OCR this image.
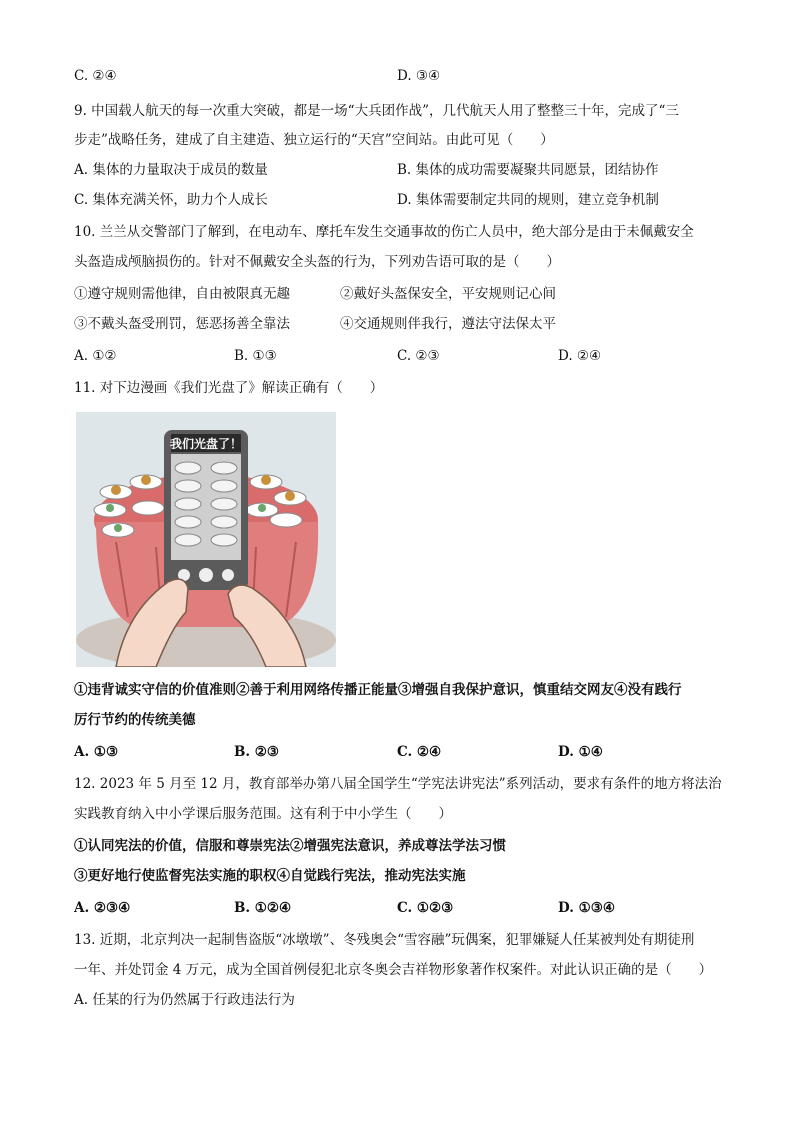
C. ②④	D. ③④
9. 中国载人航天的每一次重大突破，都是一场“大兵团作战”，几代航天人用了整整三十年，完成了“三
步走”战略任务，建成了自主建造、独立运行的“天宫”空间站。由此可见（　　）
A. 集体的力量取决于成员的数量	B. 集体的成功需要凝聚共同愿景，团结协作
C. 集体充满关怀，助力个人成长	D. 集体需要制定共同的规则，建立竞争机制
10. 兰兰从交警部门了解到，在电动车、摩托车发生交通事故的伤亡人员中，绝大部分是由于未佩戴安全
头盔造成颅脑损伤的。针对不佩戴安全头盔的行为，下列劝告语可取的是（　　）
①遵守规则需他律，自由被限真无趣	②戴好头盔保安全，平安规则记心间
③不戴头盔受刑罚，惩恶扬善全靠法	④交通规则伴我行，遵法守法保太平
A. ①②	B. ①③	C. ②③	D. ②④
11. 对下边漫画《我们光盘了》解读正确有（　　）
我们光盘了！
①违背诚实守信的价值准则②善于利用网络传播正能量③增强自我保护意识，慎重结交网友④没有践行
厉行节约的传统美德
A. ①③	B. ②③	C. ②④	D. ①④
12. 2023 年 5 月至 12 月，教育部举办第八届全国学生“学宪法讲宪法”系列活动，要求有条件的地方将法治
实践教育纳入中小学课后服务范围。这有利于中小学生（　　）
①认同宪法的价值，信服和尊崇宪法②增强宪法意识，养成尊法学法习惯
③更好地行使监督宪法实施的职权④自觉践行宪法，推动宪法实施
A. ②③④	B. ①②④	C. ①②③	D. ①③④
13. 近期，北京判决一起制售盗版“冰墩墩”、冬残奥会“雪容融”玩偶案，犯罪嫌疑人任某被判处有期徒刑
一年、并处罚金 4 万元，成为全国首例侵犯北京冬奥会吉祥物形象著作权案件。对此认识正确的是（　　）
A. 任某的行为仍然属于行政违法行为
